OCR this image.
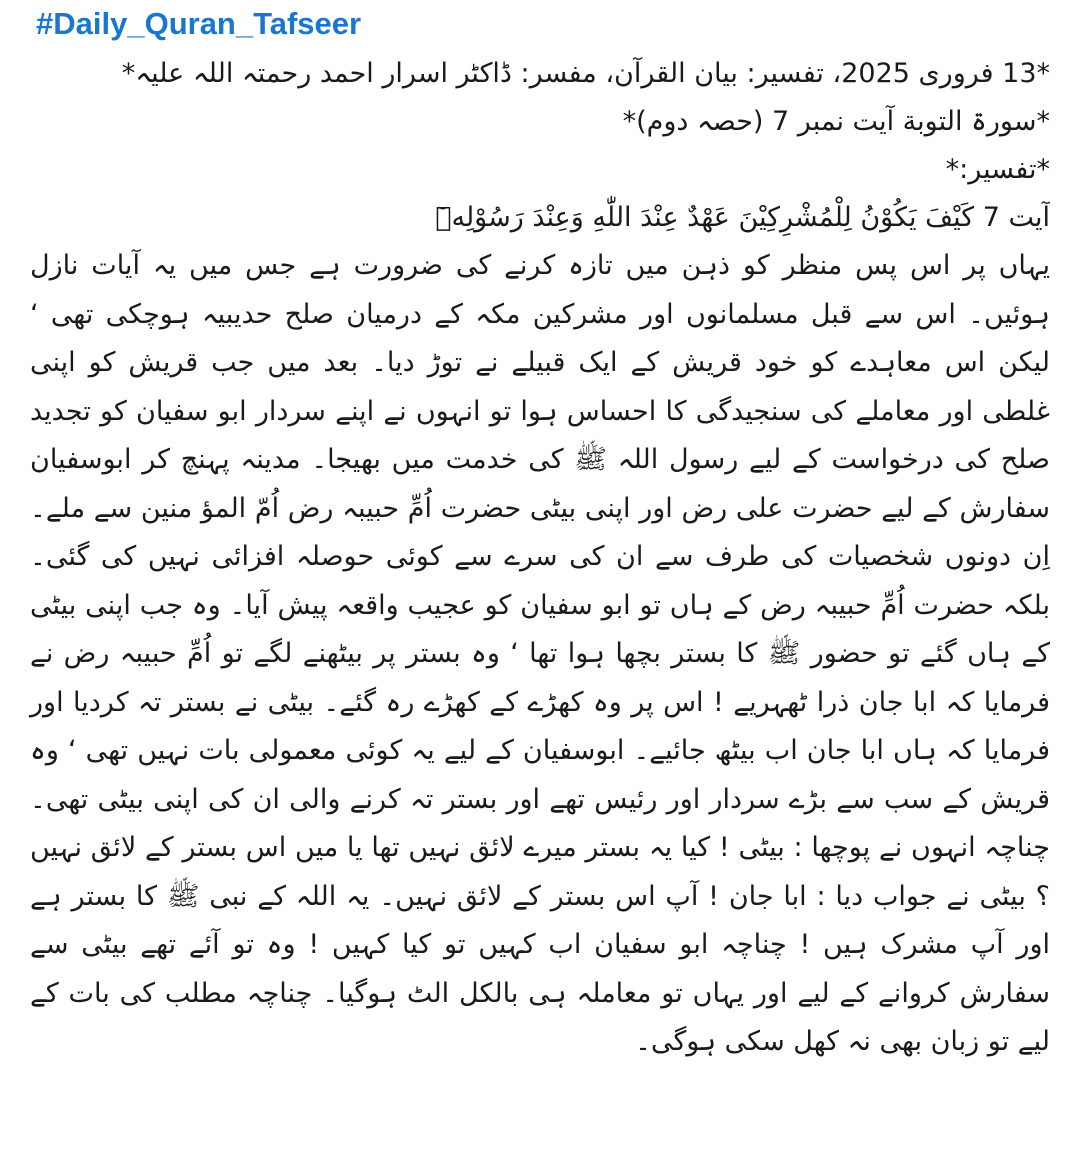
#Daily_Quran_Tafseer

*13 فروری 2025، تفسیر: بیان القرآن، مفسر: ڈاکٹر اسرار احمد رحمتہ اللہ علیہ*

*سورۃ التوبة آیت نمبر 7 (حصہ دوم)*

*تفسیر:*

آیت 7 كَيْفَ يَكُوْنُ لِلْمُشْرِكِيْنَ عَهْدٌ عِنْدَ اللّٰهِ وَعِنْدَ رَسُوْلِهٖٓ

یہاں پر اس پس منظر کو ذہن میں تازہ کرنے کی ضرورت ہے جس میں یہ آیات نازل ہوئیں۔ اس سے قبل مسلمانوں اور مشرکین مکہ کے درمیان صلح حدیبیہ ہوچکی تھی ‘ لیکن اس معاہدے کو خود قریش کے ایک قبیلے نے توڑ دیا۔ بعد میں جب قریش کو اپنی غلطی اور معاملے کی سنجیدگی کا احساس ہوا تو انہوں نے اپنے سردار ابو سفیان کو تجدید صلح کی درخواست کے لیے رسول اللہ ﷺ کی خدمت میں بھیجا۔ مدینہ پہنچ کر ابوسفیان سفارش کے لیے حضرت علی رض اور اپنی بیٹی حضرت اُمِّ حبیبہ رض اُمّ المؤ منین سے ملے۔ اِن دونوں شخصیات کی طرف سے ان کی سرے سے کوئی حوصلہ افزائی نہیں کی گئی۔ بلکہ حضرت اُمِّ حبیبہ رض کے ہاں تو ابو سفیان کو عجیب واقعہ پیش آیا۔ وہ جب اپنی بیٹی کے ہاں گئے تو حضور ﷺ کا بستر بچھا ہوا تھا ‘ وہ بستر پر بیٹھنے لگے تو اُمِّ حبیبہ رض نے فرمایا کہ ابا جان ذرا ٹھہریے ! اس پر وہ کھڑے کے کھڑے رہ گئے۔ بیٹی نے بستر تہ کردیا اور فرمایا کہ ہاں ابا جان اب بیٹھ جائیے۔ ابوسفیان کے لیے یہ کوئی معمولی بات نہیں تھی ‘ وہ قریش کے سب سے بڑے سردار اور رئیس تھے اور بستر تہ کرنے والی ان کی اپنی بیٹی تھی۔ چناچہ انہوں نے پوچھا : بیٹی ! کیا یہ بستر میرے لائق نہیں تھا یا میں اس بستر کے لائق نہیں ؟ بیٹی نے جواب دیا : ابا جان ! آپ اس بستر کے لائق نہیں۔ یہ اللہ کے نبی ﷺ کا بستر ہے اور آپ مشرک ہیں ! چناچہ ابو سفیان اب کہیں تو کیا کہیں ! وہ تو آئے تھے بیٹی سے سفارش کروانے کے لیے اور یہاں تو معاملہ ہی بالکل الٹ ہوگیا۔ چناچہ مطلب کی بات کے لیے تو زبان بھی نہ کھل سکی ہوگی۔
